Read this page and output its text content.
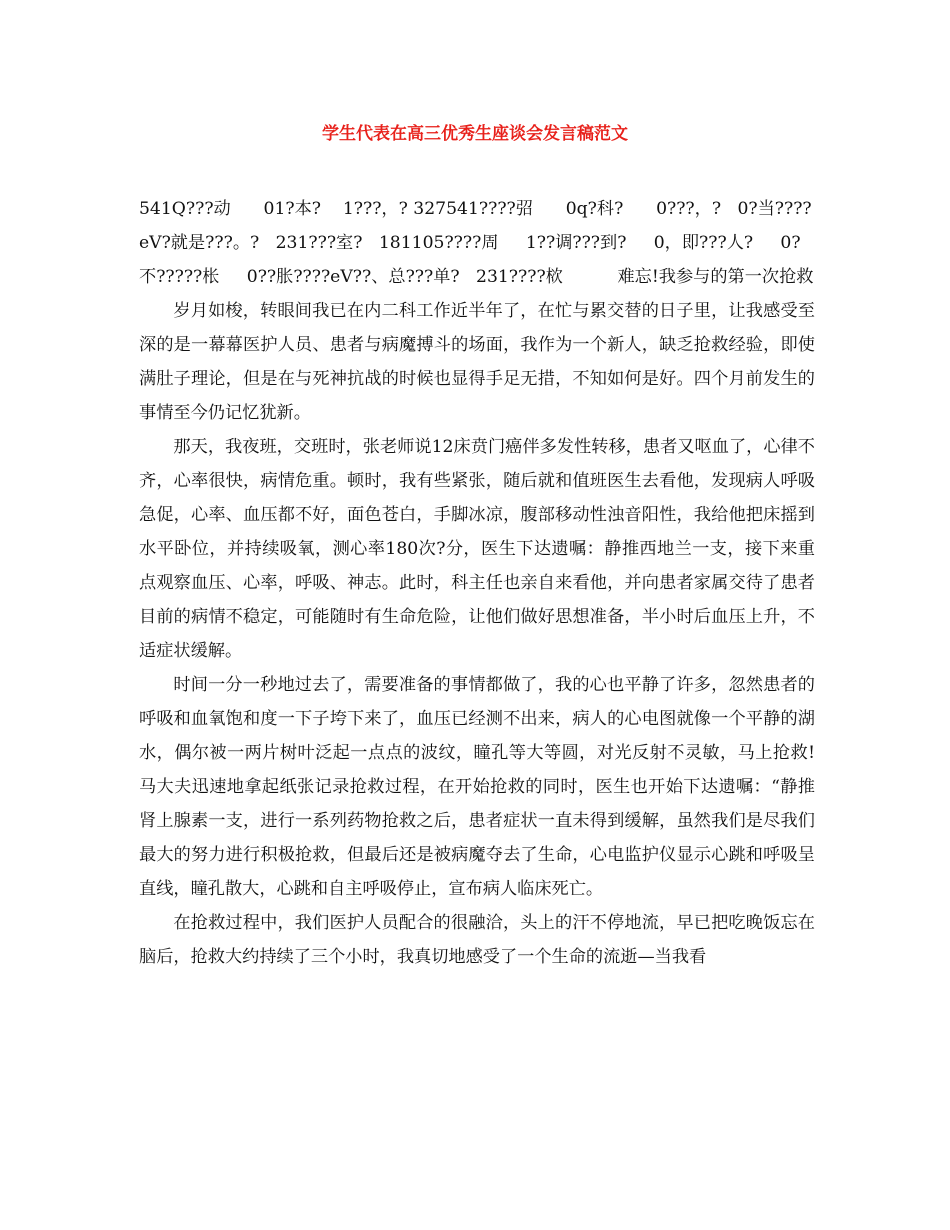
学生代表在高三优秀生座谈会发言稿范文

541Q???动      01?本?    1???，? 327541????弨      0q?科?      0???，?   0?当????eV?就是???。?   231???室?   181105????周     1??调???到?     0，即???人?     0?不?????枨     0??胀????eV??、总???单?   231????栨          难忘!我参与的第一次抢救

岁月如梭，转眼间我已在内二科工作近半年了，在忙与累交替的日子里，让我感受至深的是一幕幕医护人员、患者与病魔搏斗的场面，我作为一个新人，缺乏抢救经验，即使满肚子理论，但是在与死神抗战的时候也显得手足无措，不知如何是好。四个月前发生的事情至今仍记忆犹新。

那天，我夜班，交班时，张老师说12床贲门癌伴多发性转移，患者又呕血了，心律不齐，心率很快，病情危重。顿时，我有些紧张，随后就和值班医生去看他，发现病人呼吸急促，心率、血压都不好，面色苍白，手脚冰凉，腹部移动性浊音阳性，我给他把床摇到水平卧位，并持续吸氧，测心率180次?分，医生下达遗嘱：静推西地兰一支，接下来重点观察血压、心率，呼吸、神志。此时，科主任也亲自来看他，并向患者家属交待了患者目前的病情不稳定，可能随时有生命危险，让他们做好思想准备，半小时后血压上升，不适症状缓解。

时间一分一秒地过去了，需要准备的事情都做了，我的心也平静了许多，忽然患者的呼吸和血氧饱和度一下子垮下来了，血压已经测不出来，病人的心电图就像一个平静的湖水，偶尔被一两片树叶泛起一点点的波纹，瞳孔等大等圆，对光反射不灵敏，马上抢救!马大夫迅速地拿起纸张记录抢救过程，在开始抢救的同时，医生也开始下达遗嘱：“静推肾上腺素一支，进行一系列药物抢救之后，患者症状一直未得到缓解，虽然我们是尽我们最大的努力进行积极抢救，但最后还是被病魔夺去了生命，心电监护仪显示心跳和呼吸呈直线，瞳孔散大，心跳和自主呼吸停止，宣布病人临床死亡。

在抢救过程中，我们医护人员配合的很融洽，头上的汗不停地流，早已把吃晚饭忘在脑后，抢救大约持续了三个小时，我真切地感受了一个生命的流逝—当我看
